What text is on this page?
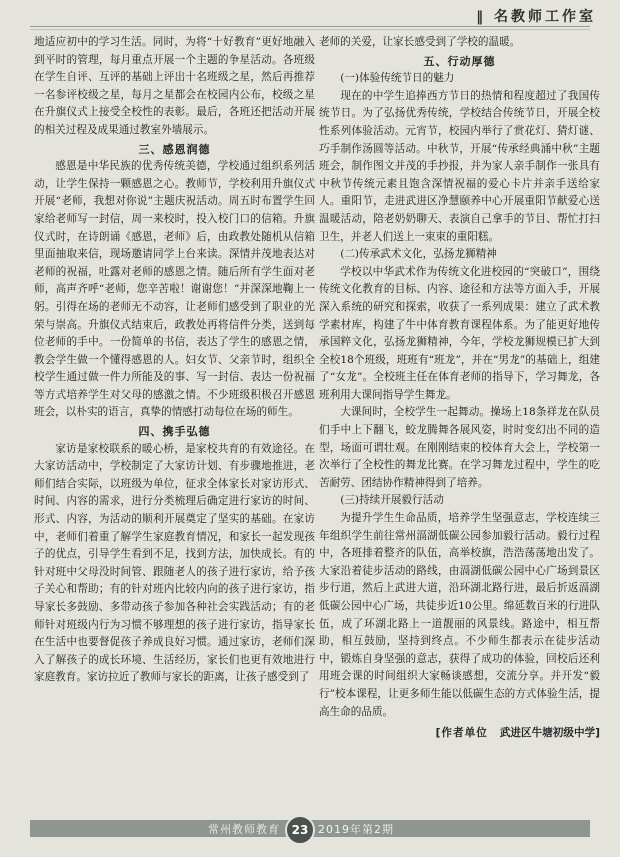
‖ 名教师工作室

地适应初中的学习生活。同时，为将“十好教育”更好地融入到平时的管理，每月重点开展一个主题的争星活动。各班级在学生自评、互评的基础上评出十名班级之星，然后再推荐一名参评校级之星，每月之星都会在校园内公布，校级之星在升旗仪式上接受全校性的表彰。最后，各班还把活动开展的相关过程及成果通过教室外墙展示。

三、感恩润德

感恩是中华民族的优秀传统美德，学校通过组织系列活动，让学生保持一颗感恩之心。教师节，学校利用升旗仪式开展“老师，我想对你说”主题庆祝活动。周五时布置学生回家给老师写一封信，周一来校时，投入校门口的信箱。升旗仪式时，在诗朗诵《感恩，老师》后，由政教处随机从信箱里面抽取来信，现场邀请同学上台来读。深情并茂地表达对老师的祝福，吐露对老师的感恩之情。随后所有学生面对老师，高声齐呼“老师，您辛苦啦！谢谢您！”并深深地鞠上一躬。引得在场的老师无不动容，让老师们感受到了职业的光荣与崇高。升旗仪式结束后，政教处再将信件分类，送到每位老师的手中。一份简单的书信，表达了学生的感恩之情，教会学生做一个懂得感恩的人。妇女节、父亲节时，组织全校学生通过做一件力所能及的事、写一封信、表达一份祝福等方式培养学生对父母的感激之情。不少班级积极召开感恩班会，以朴实的语言，真挚的情感打动每位在场的师生。

四、携手弘德

家访是家校联系的暖心桥，是家校共育的有效途径。在大家访活动中，学校制定了大家访计划、有步骤地推进，老师们结合实际，以班级为单位，征求全体家长对家访形式、时间、内容的需求，进行分类梳理后确定进行家访的时间、形式、内容，为活动的顺利开展奠定了坚实的基础。在家访中，老师们着重了解学生家庭教育情况，和家长一起发现孩子的优点，引导学生看到不足，找到方法，加快成长。有的针对班中父母没时间管、跟随老人的孩子进行家访，给予孩子关心和帮助；有的针对班内比较内向的孩子进行家访，指导家长多鼓励、多带动孩子参加各种社会实践活动；有的老师针对班级内行为习惯不够理想的孩子进行家访，指导家长在生活中也要督促孩子养成良好习惯。通过家访，老师们深入了解孩子的成长环境、生活经历，家长们也更有效地进行家庭教育。家访拉近了教师与家长的距离，让孩子感受到了

老师的关爱，让家长感受到了学校的温暖。

五、行动厚德
(一)体验传统节日的魅力

现在的中学生追捧西方节日的热情和程度超过了我国传统节日。为了弘扬优秀传统，学校结合传统节日，开展全校性系列体验活动。元宵节，校园内举行了赏花灯、猜灯谜、巧手制作汤圆等活动。中秋节，开展“传承经典涌中秋”主题班会，制作图文并茂的手抄报，并为家人亲手制作一张具有中秋节传统元素且饱含深情祝福的爱心卡片并亲手送给家人。重阳节，走进武进区净慧颐养中心开展重阳节献爱心送温暖活动，陪老奶奶聊天、表演自己拿手的节目、帮忙打扫卫生，并老人们送上一束束的重阳糕。

(二)传承武术文化，弘扬龙狮精神

学校以中华武术作为传统文化进校园的“突破口”，围绕传统文化教育的目标、内容、途径和方法等方面入手，开展深入系统的研究和探索，收获了一系列成果：建立了武术教学素材库，构建了牛中体育教育课程体系。为了能更好地传承国粹文化，弘扬龙狮精神，今年，学校龙狮规模已扩大到全校18个班级，班班有“班龙”，并在“男龙”的基础上，组建了“女龙”。全校班主任在体育老师的指导下，学习舞龙，各班利用大课间指导学生舞龙。

大课间时，全校学生一起舞动。操场上18条祥龙在队员们手中上下翻飞，蛟龙腾舞各展风姿，时时变幻出不同的造型，场面可谓壮观。在刚刚结束的校体育大会上，学校第一次举行了全校性的舞龙比赛。在学习舞龙过程中，学生的吃苦耐劳、团结协作精神得到了培养。

(三)持续开展毅行活动

为提升学生生命品质，培养学生坚强意志，学校连续三年组织学生前往常州滆湖低碳公园参加毅行活动。毅行过程中，各班排着整齐的队伍，高举校旗，浩浩荡荡地出发了。大家沿着徒步活动的路线，由滆湖低碳公园中心广场到景区步行道，然后上武进大道，沿环湖北路行进，最后折返滆湖低碳公园中心广场，共徒步近10公里。绵延数百米的行进队伍，成了环湖北路上一道靓丽的风景线。路途中，相互帮助，相互鼓励，坚持到终点。不少师生都表示在徒步活动中，锻炼自身坚强的意志，获得了成功的体验，回校后还利用班会课的时间组织大家畅谈感想，交流分享。并开发“毅行”校本课程，让更多师生能以低碳生态的方式体验生活，提高生命的品质。

[作者单位 武进区牛塘初级中学]
常州教师教育 23 2019年第2期
